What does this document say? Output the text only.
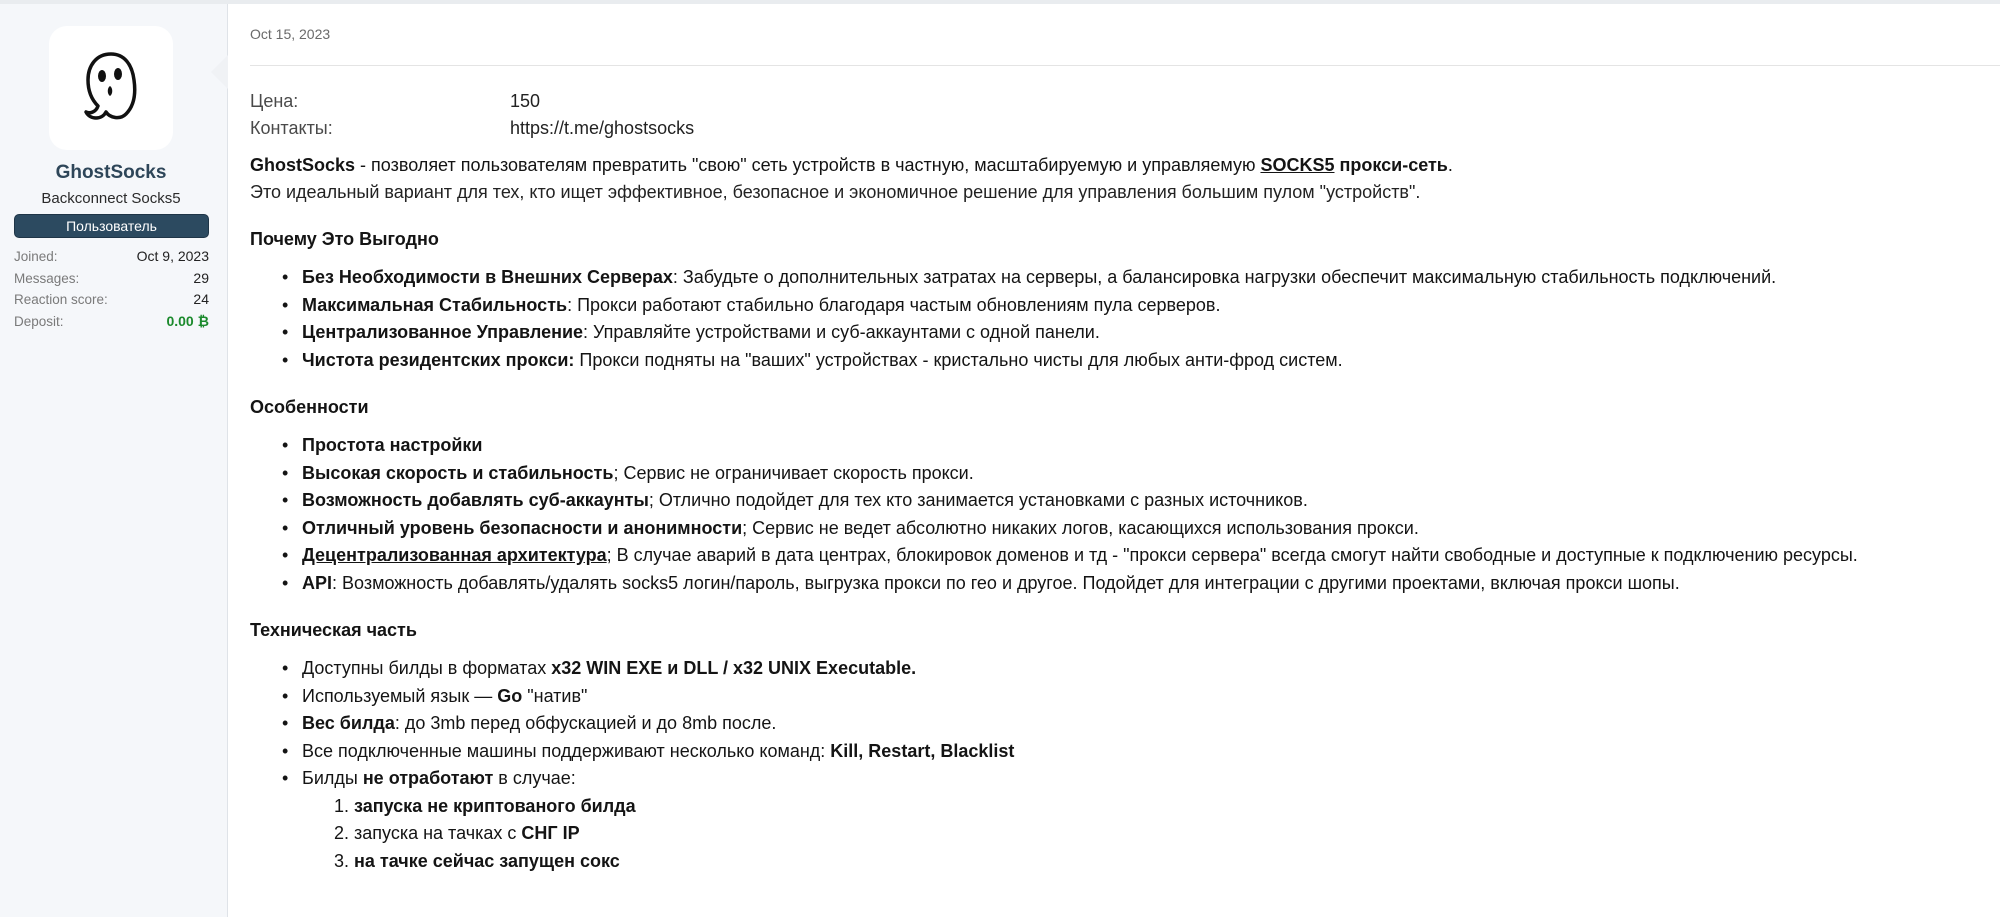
GhostSocks
Backconnect Socks5
Пользователь
Joined:	Oct 9, 2023
Messages:	29
Reaction score:	24
Deposit:	0.00 ₿
Oct 15, 2023
Цена:	150
Контакты:	https://t.me/ghostsocks
GhostSocks - позволяет пользователям превратить "свою" сеть устройств в частную, масштабируемую и управляемую SOCKS5 прокси-сеть.
Это идеальный вариант для тех, кто ищет эффективное, безопасное и экономичное решение для управления большим пулом "устройств".
Почему Это Выгодно
• Без Необходимости в Внешних Серверах: Забудьте о дополнительных затратах на серверы, а балансировка нагрузки обеспечит максимальную стабильность подключений.
• Максимальная Стабильность: Прокси работают стабильно благодаря частым обновлениям пула серверов.
• Централизованное Управление: Управляйте устройствами и суб-аккаунтами с одной панели.
• Чистота резидентских прокси: Прокси подняты на "ваших" устройствах - кристально чисты для любых анти-фрод систем.
Особенности
• Простота настройки
• Высокая скорость и стабильность; Сервис не ограничивает скорость прокси.
• Возможность добавлять суб-аккаунты; Отлично подойдет для тех кто занимается установками с разных источников.
• Отличный уровень безопасности и анонимности; Сервис не ведет абсолютно никаких логов, касающихся использования прокси.
• Децентрализованная архитектура; В случае аварий в дата центрах, блокировок доменов и тд - "прокси сервера" всегда смогут найти свободные и доступные к подключению ресурсы.
• API: Возможность добавлять/удалять socks5 логин/пароль, выгрузка прокси по гео и другое. Подойдет для интеграции с другими проектами, включая прокси шопы.
Техническая часть
• Доступны билды в форматах x32 WIN EXE и DLL / x32 UNIX Executable.
• Используемый язык — Go "натив"
• Вес билда: до 3mb перед обфускацией и до 8mb после.
• Все подключенные машины поддерживают несколько команд: Kill, Restart, Blacklist
• Билды не отработают в случае:
1. запуска не криптованого билда
2. запуска на тачках с СНГ IP
3. на тачке сейчас запущен сокс
